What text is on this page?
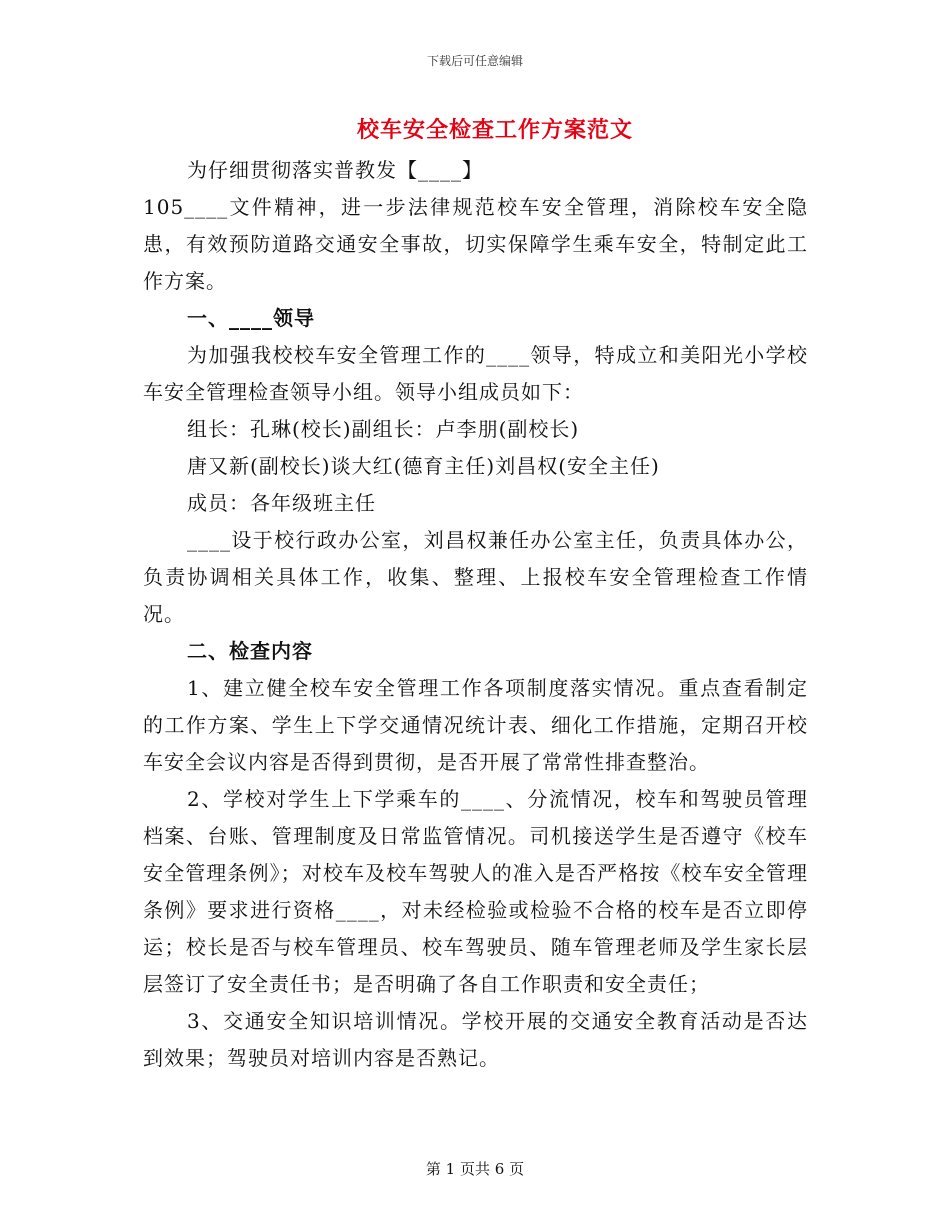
下载后可任意编辑
校车安全检查工作方案范文

为仔细贯彻落实普教发【____】

105____文件精神，进一步法律规范校车安全管理，消除校车安全隐患，有效预防道路交通安全事故，切实保障学生乘车安全，特制定此工作方案。

一、____领导

为加强我校校车安全管理工作的____领导，特成立和美阳光小学校车安全管理检查领导小组。领导小组成员如下：

组长：孔琳(校长)副组长：卢李朋(副校长)

唐又新(副校长)谈大红(德育主任)刘昌权(安全主任)

成员：各年级班主任

____设于校行政办公室，刘昌权兼任办公室主任，负责具体办公，负责协调相关具体工作，收集、整理、上报校车安全管理检查工作情况。

二、检查内容

1、建立健全校车安全管理工作各项制度落实情况。重点查看制定的工作方案、学生上下学交通情况统计表、细化工作措施，定期召开校车安全会议内容是否得到贯彻，是否开展了常常性排查整治。

2、学校对学生上下学乘车的____、分流情况，校车和驾驶员管理档案、台账、管理制度及日常监管情况。司机接送学生是否遵守《校车安全管理条例》；对校车及校车驾驶人的准入是否严格按《校车安全管理条例》要求进行资格____，对未经检验或检验不合格的校车是否立即停运；校长是否与校车管理员、校车驾驶员、随车管理老师及学生家长层层签订了安全责任书；是否明确了各自工作职责和安全责任；

3、交通安全知识培训情况。学校开展的交通安全教育活动是否达到效果；驾驶员对培训内容是否熟记。

第 1 页共 6 页
